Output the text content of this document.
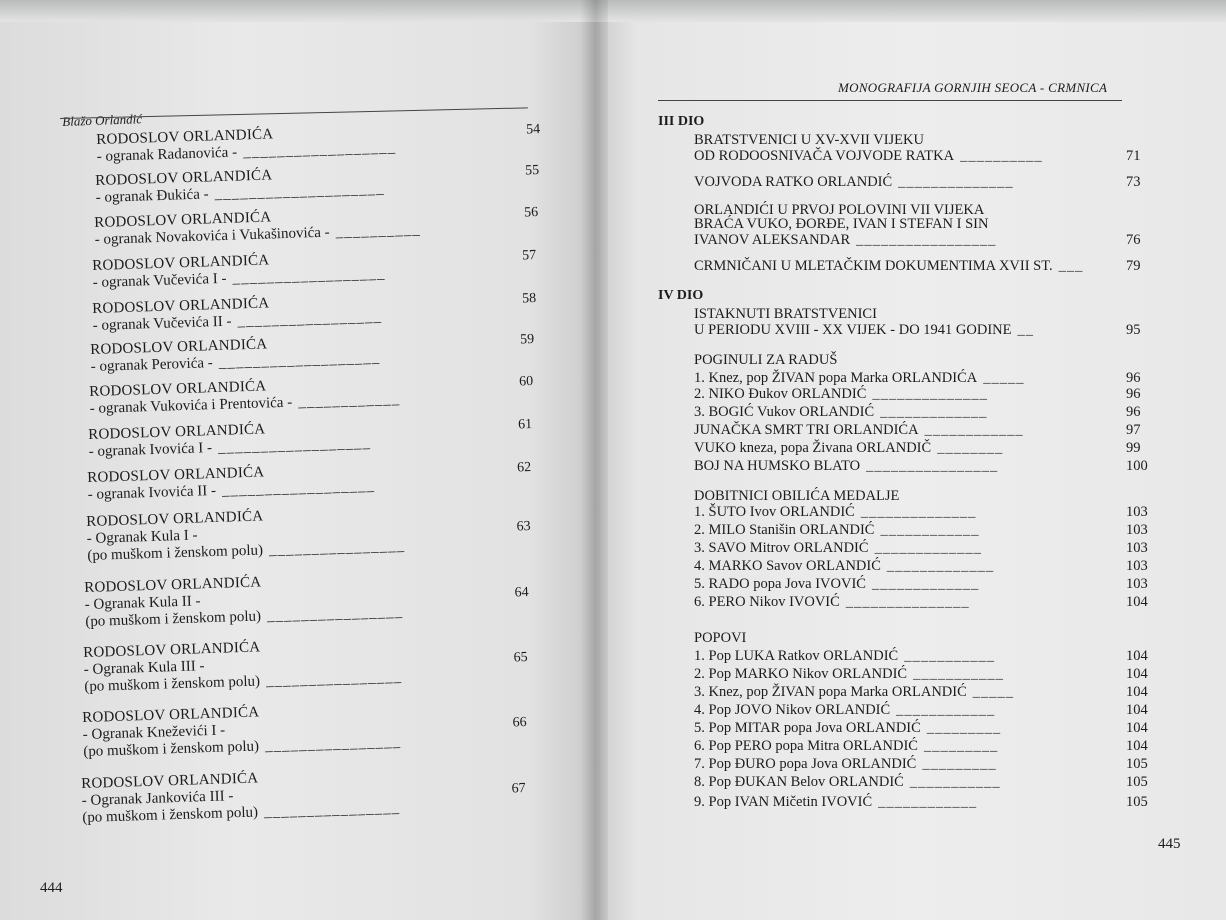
Blažo Orlandić
MONOGRAFIJA GORNJIH SEOCA - CRMNICA
RODOSLOV ORLANDIĆA
- ogranak Radanovića - __________________
54
RODOSLOV ORLANDIĆA
- ogranak Đukića - ____________________
55
RODOSLOV ORLANDIĆA
- ogranak Novakovića i Vukašinovića - __________
56
RODOSLOV ORLANDIĆA
- ogranak Vučevića I - __________________
57
RODOSLOV ORLANDIĆA
- ogranak Vučevića II - _________________
58
RODOSLOV ORLANDIĆA
- ogranak Perovića - ___________________
59
RODOSLOV ORLANDIĆA
- ogranak Vukovića i Prentovića - ____________
60
RODOSLOV ORLANDIĆA
- ogranak Ivovića I - __________________
61
RODOSLOV ORLANDIĆA
- ogranak Ivovića II - __________________
62
RODOSLOV ORLANDIĆA
- Ogranak Kula I -
(po muškom i ženskom polu) ________________
63
RODOSLOV ORLANDIĆA
- Ogranak Kula II -
(po muškom i ženskom polu) ________________
64
RODOSLOV ORLANDIĆA
- Ogranak Kula III -
(po muškom i ženskom polu) ________________
65
RODOSLOV ORLANDIĆA
- Ogranak Kneževići I -
(po muškom i ženskom polu) ________________
66
RODOSLOV ORLANDIĆA
- Ogranak Jankovića III -
(po muškom i ženskom polu) ________________
67
III DIO
BRATSTVENICI U XV-XVII VIJEKU
OD RODOOSNIVAČA VOJVODE RATKA __________	71
VOJVODA RATKO ORLANDIĆ ______________	73
ORLANDIĆI U PRVOJ POLOVINI VII VIJEKA
BRAĆA VUKO, ĐORĐE, IVAN I STEFAN I SIN
IVANOV ALEKSANDAR _________________	76
CRMNIČANI U MLETAČKIM DOKUMENTIMA XVII ST. ___	79
IV DIO
ISTAKNUTI BRATSTVENICI
U PERIODU XVIII - XX VIJEK - DO 1941 GODINE __	95
POGINULI ZA RADUŠ
1. Knez, pop ŽIVAN popa Marka ORLANDIĆA _____	96
2. NIKO Đukov ORLANDIĆ ______________	96
3. BOGIĆ Vukov ORLANDIĆ _____________	96
JUNAČKA SMRT TRI ORLANDIĆA ____________	97
VUKO kneza, popa Živana ORLANDIČ ________	99
BOJ NA HUMSKO BLATO ________________	100
DOBITNICI OBILIĆA MEDALJE
1. ŠUTO Ivov ORLANDIĆ ______________	103
2. MILO Stanišin ORLANDIĆ ____________	103
3. SAVO Mitrov ORLANDIĆ _____________	103
4. MARKO Savov ORLANDIĆ _____________	103
5. RADO popa Jova IVOVIĆ _____________	103
6. PERO Nikov IVOVIĆ _______________	104
POPOVI
1. Pop LUKA Ratkov ORLANDIĆ ___________	104
2. Pop MARKO Nikov ORLANDIĆ ___________	104
3. Knez, pop ŽIVAN popa Marka ORLANDIĆ _____	104
4. Pop JOVO Nikov ORLANDIĆ ____________	104
5. Pop MITAR popa Jova ORLANDIĆ _________	104
6. Pop PERO popa Mitra ORLANDIĆ _________	104
7. Pop ĐURO popa Jova ORLANDIĆ _________	105
8. Pop ĐUKAN Belov ORLANDIĆ ___________	105
9. Pop IVAN Mičetin IVOVIĆ ____________	105
444
445
